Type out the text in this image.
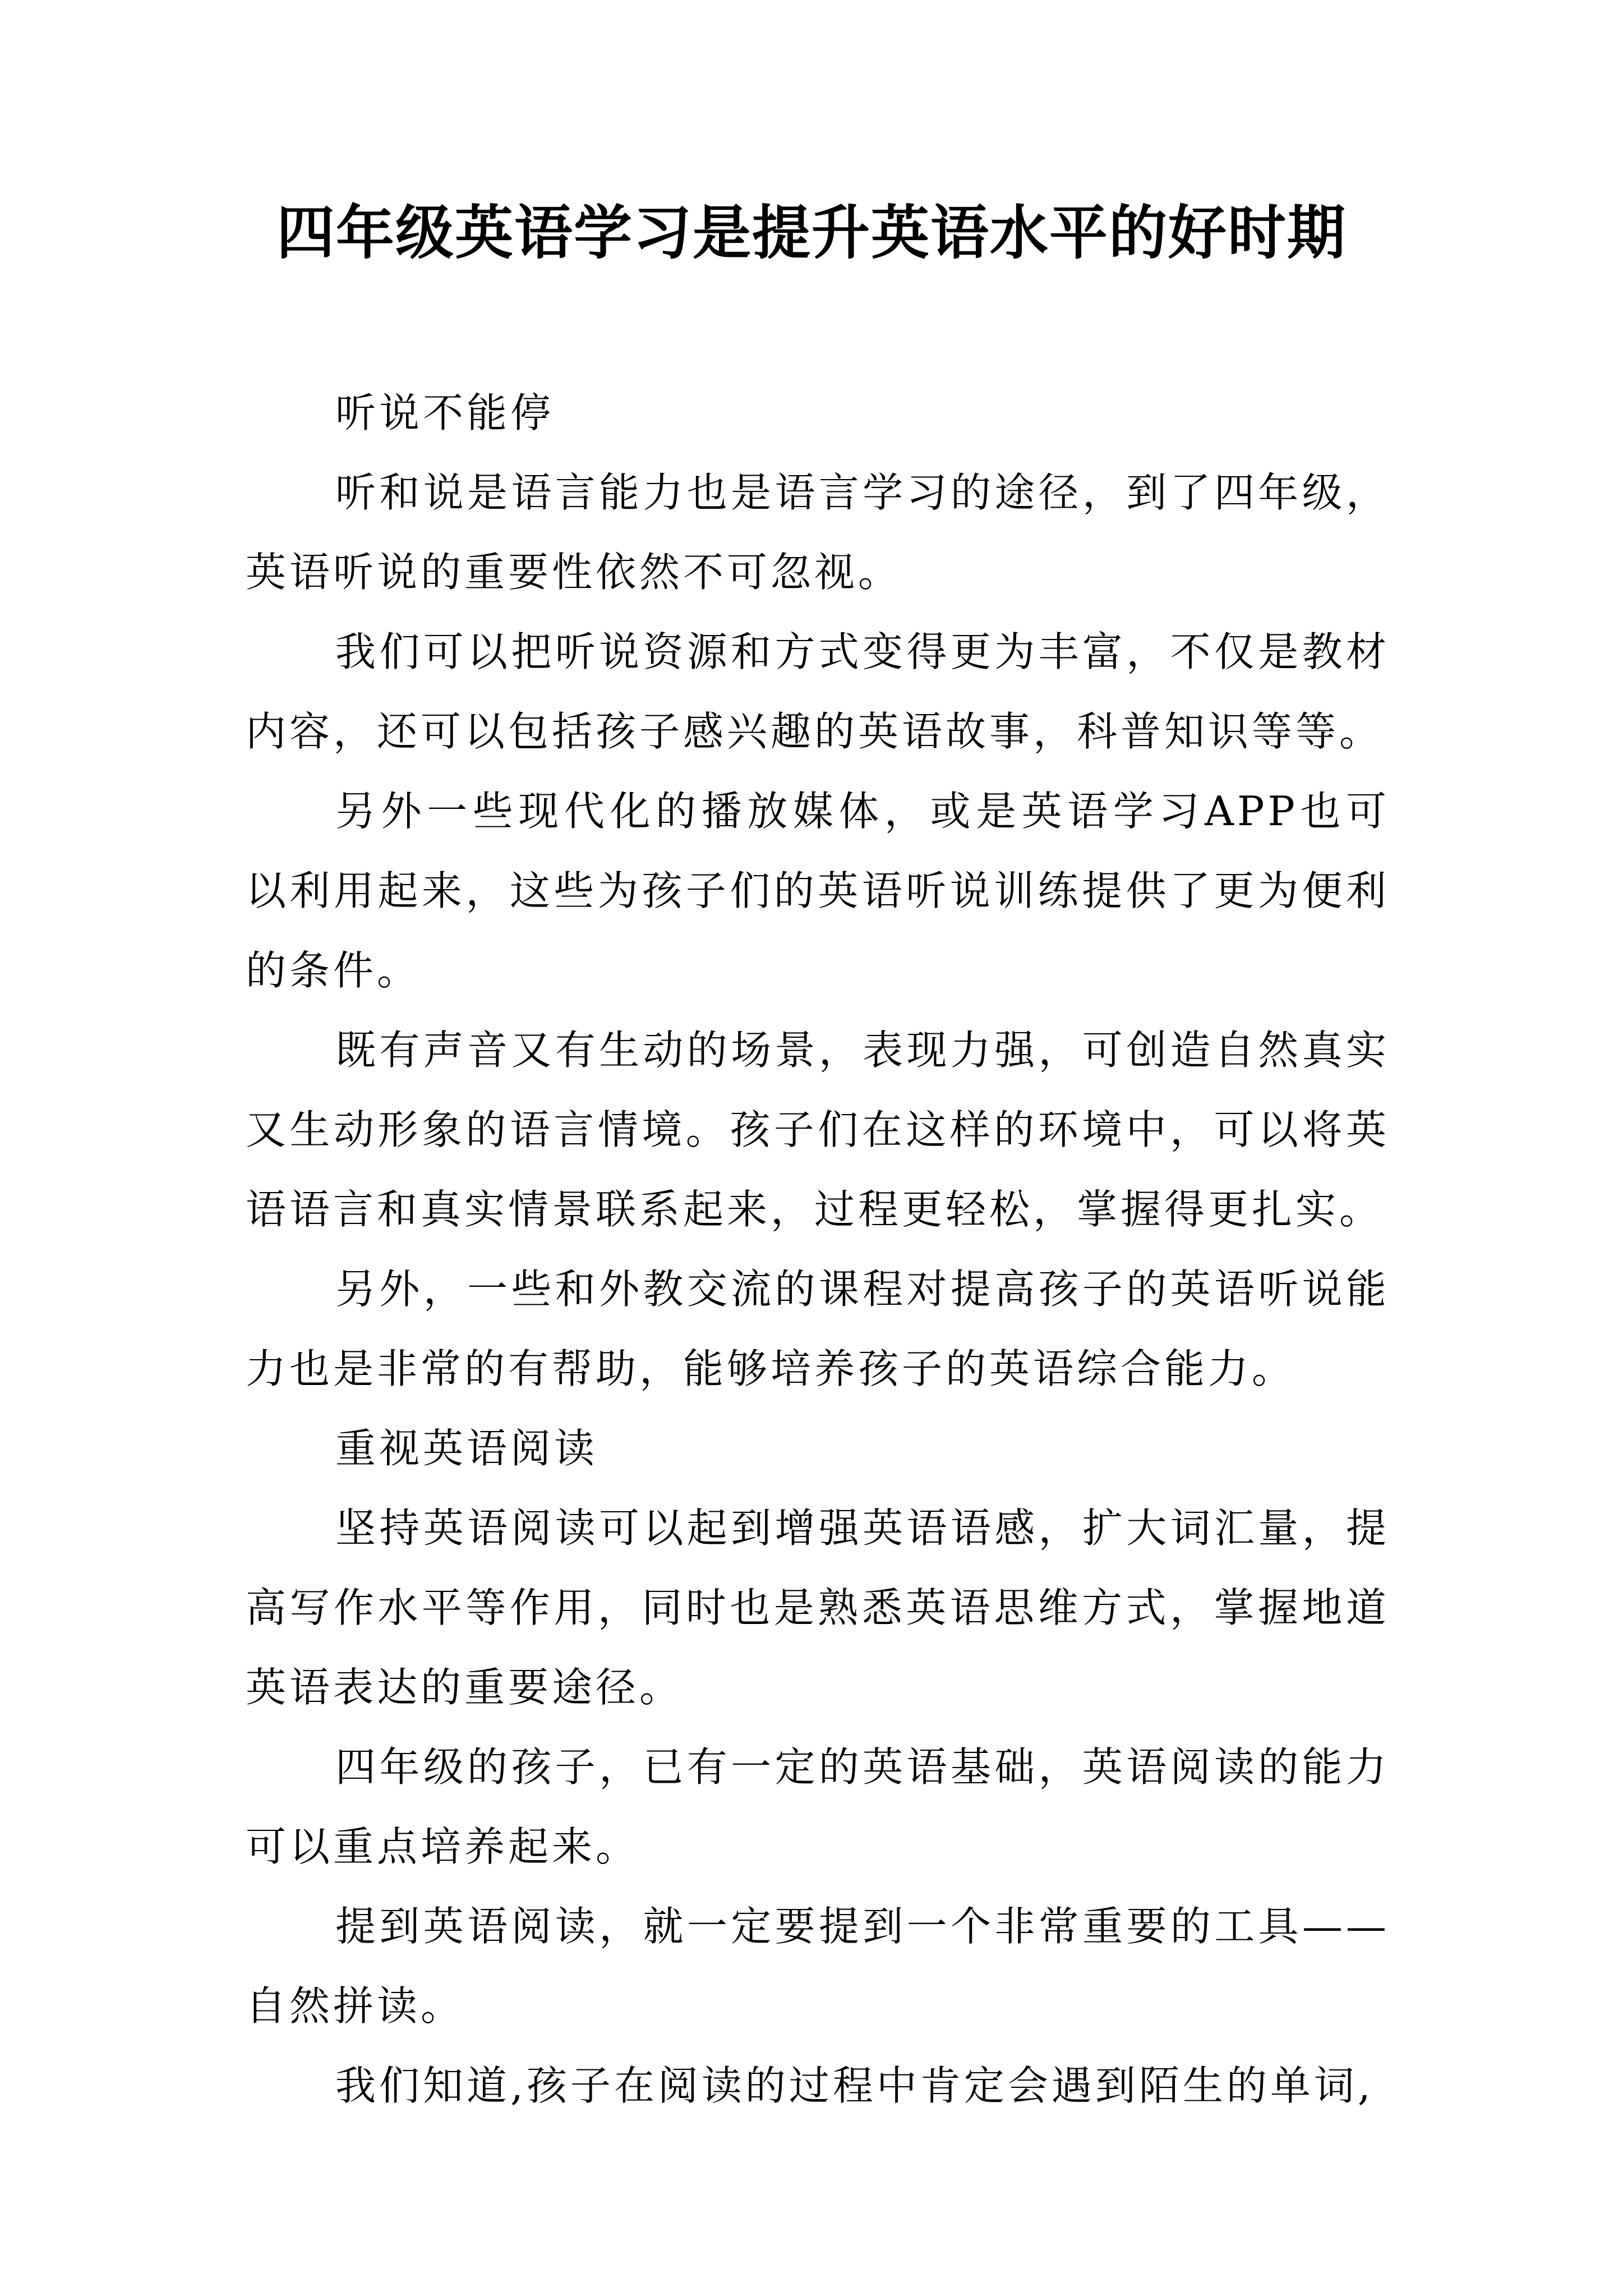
四年级英语学习是提升英语水平的好时期

听说不能停

听和说是语言能力也是语言学习的途径，到了四年级，英语听说的重要性依然不可忽视。

我们可以把听说资源和方式变得更为丰富，不仅是教材内容，还可以包括孩子感兴趣的英语故事，科普知识等等。

另外一些现代化的播放媒体，或是英语学习APP也可以利用起来，这些为孩子们的英语听说训练提供了更为便利的条件。

既有声音又有生动的场景，表现力强，可创造自然真实又生动形象的语言情境。孩子们在这样的环境中，可以将英语语言和真实情景联系起来，过程更轻松，掌握得更扎实。

另外，一些和外教交流的课程对提高孩子的英语听说能力也是非常的有帮助，能够培养孩子的英语综合能力。

重视英语阅读

坚持英语阅读可以起到增强英语语感，扩大词汇量，提高写作水平等作用，同时也是熟悉英语思维方式，掌握地道英语表达的重要途径。

四年级的孩子，已有一定的英语基础，英语阅读的能力可以重点培养起来。

提到英语阅读，就一定要提到一个非常重要的工具——自然拼读。

我们知道,孩子在阅读的过程中肯定会遇到陌生的单词,
